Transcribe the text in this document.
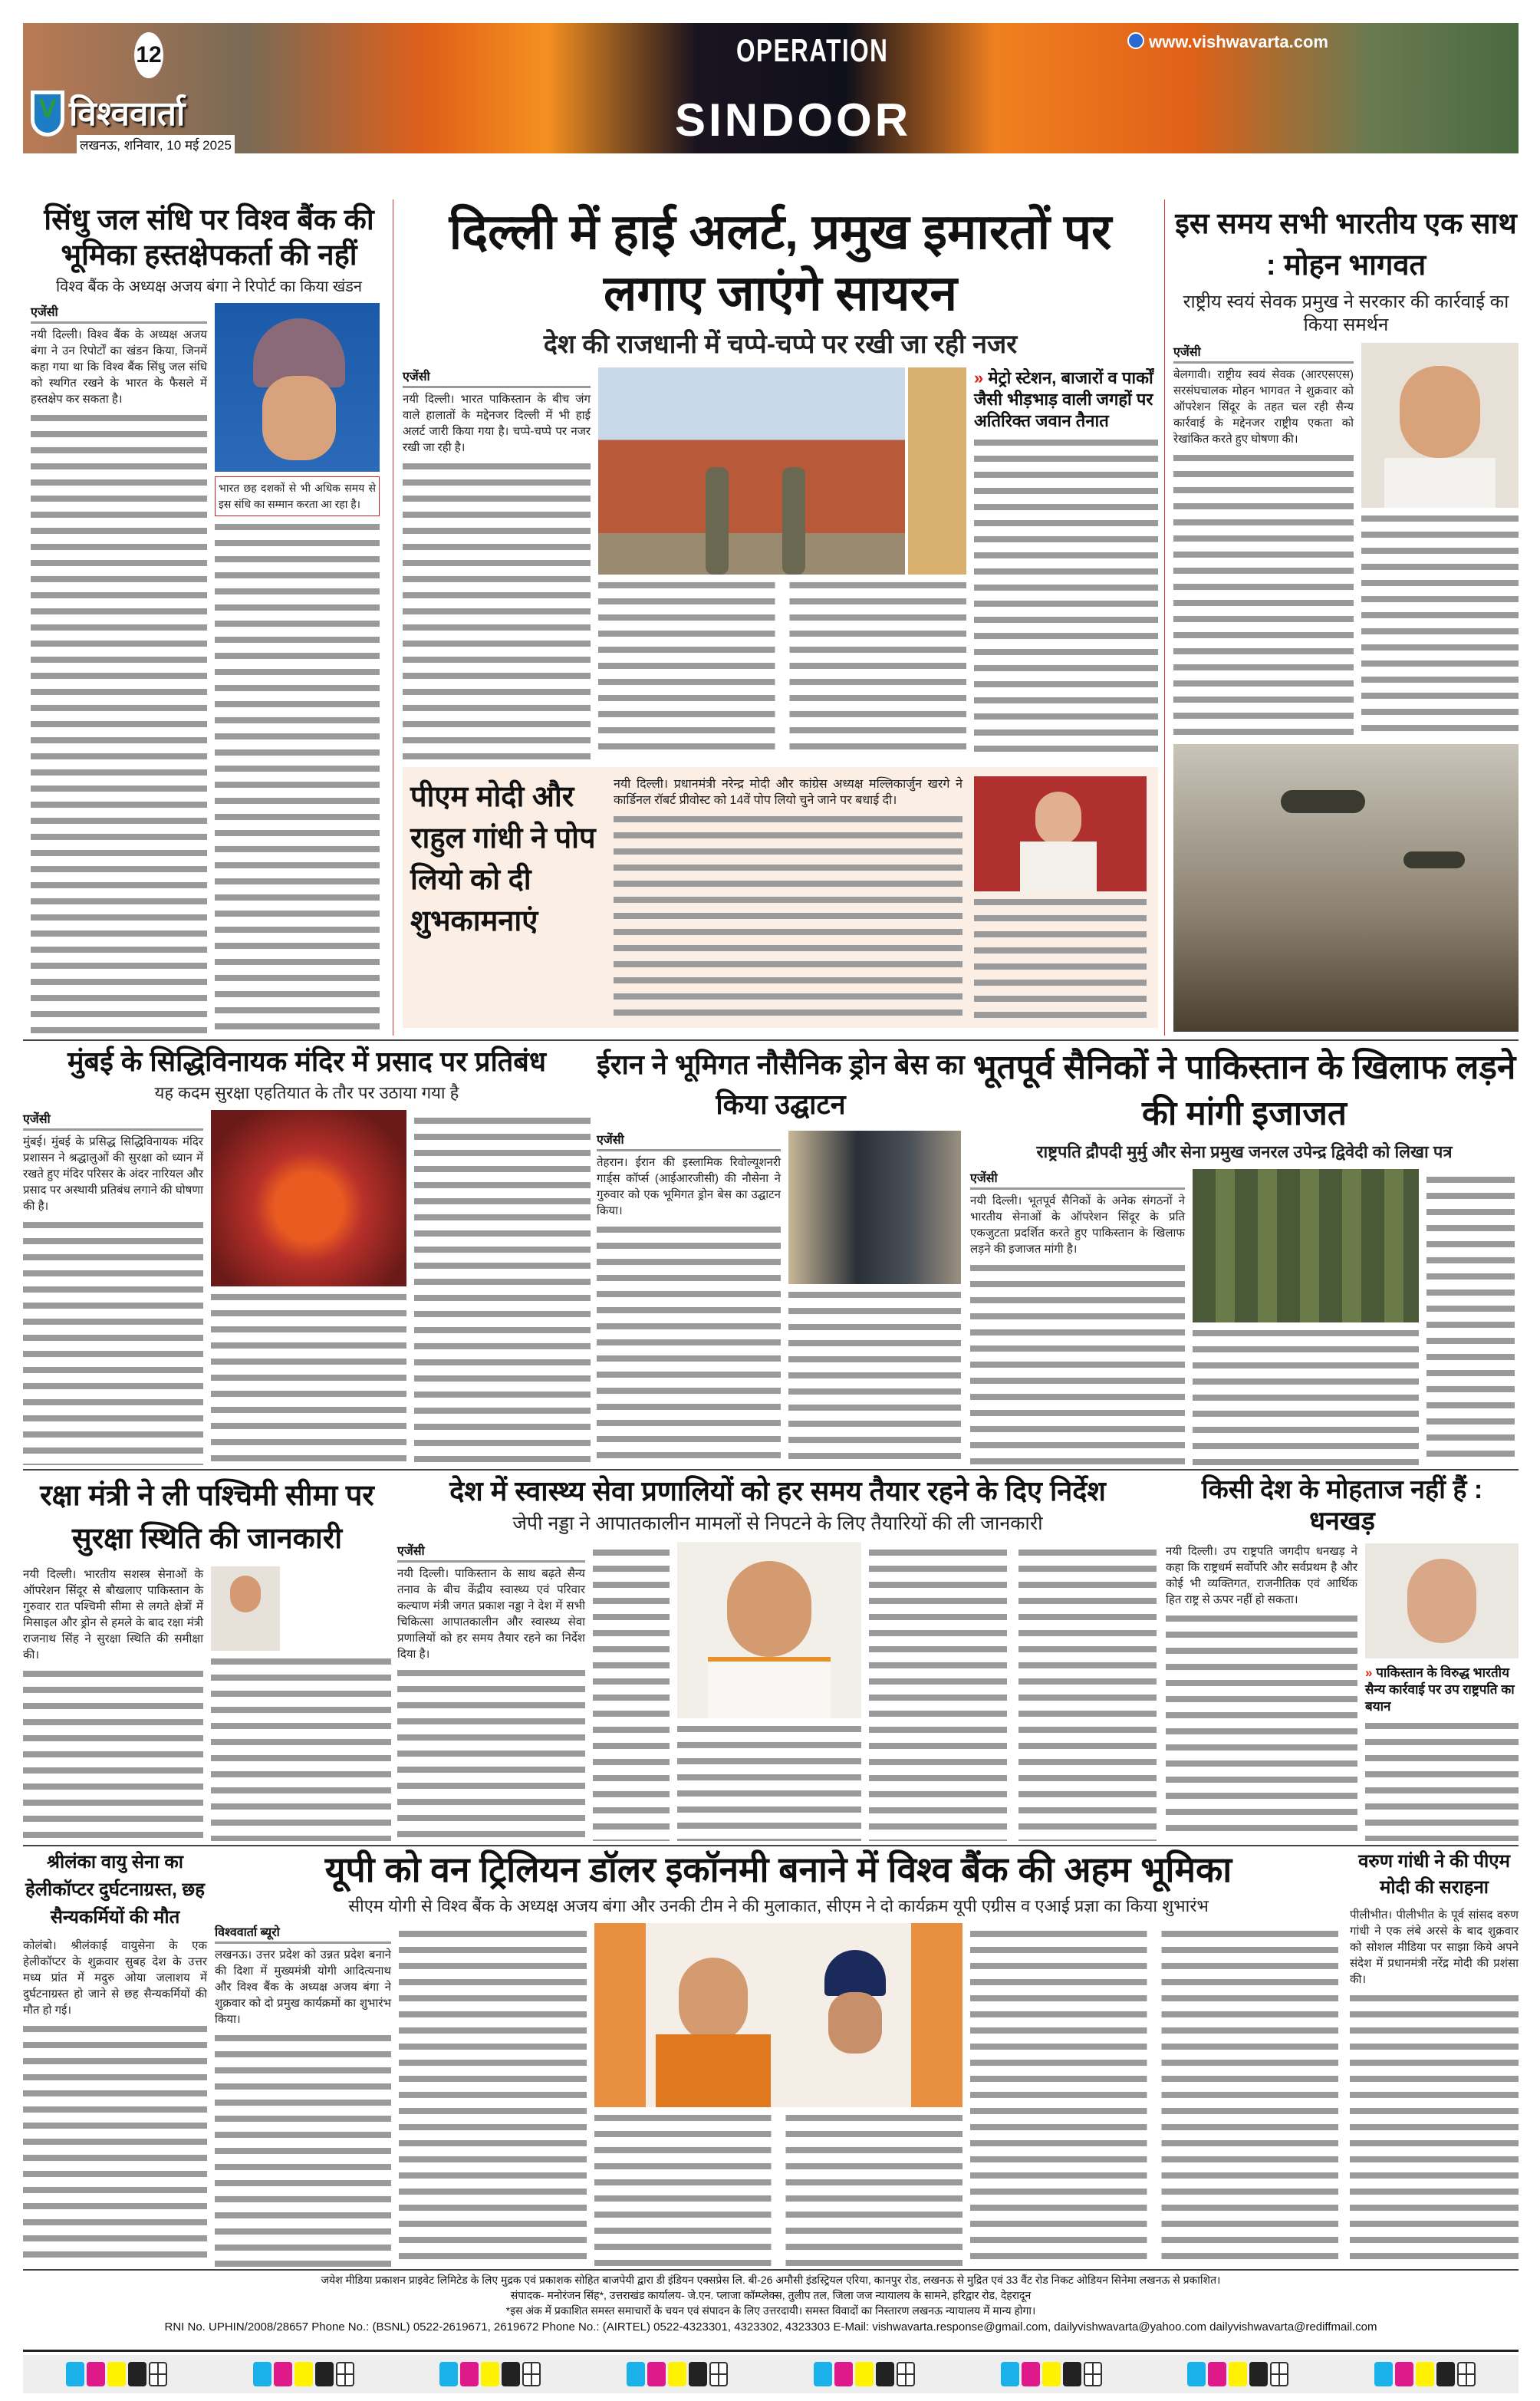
12
V विश्ववार्ता
लखनऊ, शनिवार, 10 मई 2025
OPERATION
SINDOOR
www.vishwavarta.com
सिंधु जल संधि पर विश्व बैंक की भूमिका हस्तक्षेपकर्ता की नहीं
विश्व बैंक के अध्यक्ष अजय बंगा ने रिपोर्ट का किया खंडन
एजेंसी
नयी दिल्ली। विश्व बैंक के अध्यक्ष अजय बंगा ने उन रिपोर्टों का खंडन किया, जिनमें कहा गया था कि विश्व बैंक सिंधु जल संधि को स्थगित रखने के भारत के फैसले में हस्तक्षेप कर सकता है।
भारत छह दशकों से भी अधिक समय से इस संधि का सम्मान करता आ रहा है।
दिल्ली में हाई अलर्ट, प्रमुख इमारतों पर लगाए जाएंगे सायरन
देश की राजधानी में चप्पे-चप्पे पर रखी जा रही नजर
एजेंसी
नयी दिल्ली। भारत पाकिस्तान के बीच जंग वाले हालातों के मद्देनजर दिल्ली में भी हाई अलर्ट जारी किया गया है। चप्पे-चप्पे पर नजर रखी जा रही है।
» मेट्रो स्टेशन, बाजारों व पार्कों जैसी भीड़भाड़ वाली जगहों पर अतिरिक्त जवान तैनात
पीएम मोदी और राहुल गांधी ने पोप लियो को दी शुभकामनाएं
नयी दिल्ली। प्रधानमंत्री नरेन्द्र मोदी और कांग्रेस अध्यक्ष मल्लिकार्जुन खरगे ने कार्डिनल रॉबर्ट प्रीवोस्ट को 14वें पोप लियो चुने जाने पर बधाई दी।
इस समय सभी भारतीय एक साथ : मोहन भागवत
राष्ट्रीय स्वयं सेवक प्रमुख ने सरकार की कार्रवाई का किया समर्थन
एजेंसी
बेलगावी। राष्ट्रीय स्वयं सेवक (आरएसएस) सरसंघचालक मोहन भागवत ने शुक्रवार को ऑपरेशन सिंदूर के तहत चल रही सैन्य कार्रवाई के मद्देनजर राष्ट्रीय एकता को रेखांकित करते हुए घोषणा की।
मुंबई के सिद्धिविनायक मंदिर में प्रसाद पर प्रतिबंध
यह कदम सुरक्षा एहतियात के तौर पर उठाया गया है
एजेंसी
मुंबई। मुंबई के प्रसिद्ध सिद्धिविनायक मंदिर प्रशासन ने श्रद्धालुओं की सुरक्षा को ध्यान में रखते हुए मंदिर परिसर के अंदर नारियल और प्रसाद पर अस्थायी प्रतिबंध लगाने की घोषणा की है।
ईरान ने भूमिगत नौसैनिक ड्रोन बेस का किया उद्घाटन
एजेंसी
तेहरान। ईरान की इस्लामिक रिवोल्यूशनरी गार्ड्स कॉर्प्स (आईआरजीसी) की नौसेना ने गुरुवार को एक भूमिगत ड्रोन बेस का उद्घाटन किया।
भूतपूर्व सैनिकों ने पाकिस्तान के खिलाफ लड़ने की मांगी इजाजत
राष्ट्रपति द्रौपदी मुर्मु और सेना प्रमुख जनरल उपेन्द्र द्विवेदी को लिखा पत्र
एजेंसी
नयी दिल्ली। भूतपूर्व सैनिकों के अनेक संगठनों ने भारतीय सेनाओं के ऑपरेशन सिंदूर के प्रति एकजुटता प्रदर्शित करते हुए पाकिस्तान के खिलाफ लड़ने की इजाजत मांगी है।
रक्षा मंत्री ने ली पश्चिमी सीमा पर सुरक्षा स्थिति की जानकारी
नयी दिल्ली। भारतीय सशस्त्र सेनाओं के ऑपरेशन सिंदूर से बौखलाए पाकिस्तान के गुरुवार रात पश्चिमी सीमा से लगते क्षेत्रों में मिसाइल और ड्रोन से हमले के बाद रक्षा मंत्री राजनाथ सिंह ने सुरक्षा स्थिति की समीक्षा की।
देश में स्वास्थ्य सेवा प्रणालियों को हर समय तैयार रहने के दिए निर्देश
जेपी नड्डा ने आपातकालीन मामलों से निपटने के लिए तैयारियों की ली जानकारी
एजेंसी
नयी दिल्ली। पाकिस्तान के साथ बढ़ते सैन्य तनाव के बीच केंद्रीय स्वास्थ्य एवं परिवार कल्याण मंत्री जगत प्रकाश नड्डा ने देश में सभी चिकित्सा आपातकालीन और स्वास्थ्य सेवा प्रणालियों को हर समय तैयार रहने का निर्देश दिया है।
किसी देश के मोहताज नहीं हैं : धनखड़
नयी दिल्ली। उप राष्ट्रपति जगदीप धनखड़ ने कहा कि राष्ट्रधर्म सर्वोपरि और सर्वप्रथम है और कोई भी व्यक्तिगत, राजनीतिक एवं आर्थिक हित राष्ट्र से ऊपर नहीं हो सकता।
» पाकिस्तान के विरुद्ध भारतीय सैन्य कार्रवाई पर उप राष्ट्रपति का बयान
श्रीलंका वायु सेना का हेलीकॉप्टर दुर्घटनाग्रस्त, छह सैन्यकर्मियों की मौत
कोलंबो। श्रीलंकाई वायुसेना के एक हेलीकॉप्टर के शुक्रवार सुबह देश के उत्तर मध्य प्रांत में मदुरु ओया जलाशय में दुर्घटनाग्रस्त हो जाने से छह सैन्यकर्मियों की मौत हो गई।
यूपी को वन ट्रिलियन डॉलर इकॉनमी बनाने में विश्व बैंक की अहम भूमिका
सीएम योगी से विश्व बैंक के अध्यक्ष अजय बंगा और उनकी टीम ने की मुलाकात, सीएम ने दो कार्यक्रम यूपी एग्रीस व एआई प्रज्ञा का किया शुभारंभ
विश्ववार्ता ब्यूरो
लखनऊ। उत्तर प्रदेश को उन्नत प्रदेश बनाने की दिशा में मुख्यमंत्री योगी आदित्यनाथ और विश्व बैंक के अध्यक्ष अजय बंगा ने शुक्रवार को दो प्रमुख कार्यक्रमों का शुभारंभ किया।
वरुण गांधी ने की पीएम मोदी की सराहना
पीलीभीत। पीलीभीत के पूर्व सांसद वरुण गांधी ने एक लंबे अरसे के बाद शुक्रवार को सोशल मीडिया पर साझा किये अपने संदेश में प्रधानमंत्री नरेंद्र मोदी की प्रशंसा की।
जयेश मीडिया प्रकाशन प्राइवेट लिमिटेड के लिए मुद्रक एवं प्रकाशक सोहित बाजपेयी द्वारा डी इंडियन एक्सप्रेस लि. बी-26 अमौसी इंडस्ट्रियल एरिया, कानपुर रोड, लखनऊ से मुद्रित एवं 33 वैंट रोड निकट ओडियन सिनेमा लखनऊ से प्रकाशित।
संपादक- मनोरंजन सिंह*, उत्तराखंड कार्यालय- जे.एन. प्लाजा कॉम्प्लेक्स, तुलीप तल, जिला जज न्यायालय के सामने, हरिद्वार रोड, देहरादून
*इस अंक में प्रकाशित समस्त समाचारों के चयन एवं संपादन के लिए उत्तरदायी। समस्त विवादों का निस्तारण लखनऊ न्यायालय में मान्य होगा।
RNI No. UPHIN/2008/28657 Phone No.: (BSNL) 0522-2619671, 2619672 Phone No.: (AIRTEL) 0522-4323301, 4323302, 4323303 E-Mail: vishwavarta.response@gmail.com, dailyvishwavarta@yahoo.com dailyvishwavarta@rediffmail.com
